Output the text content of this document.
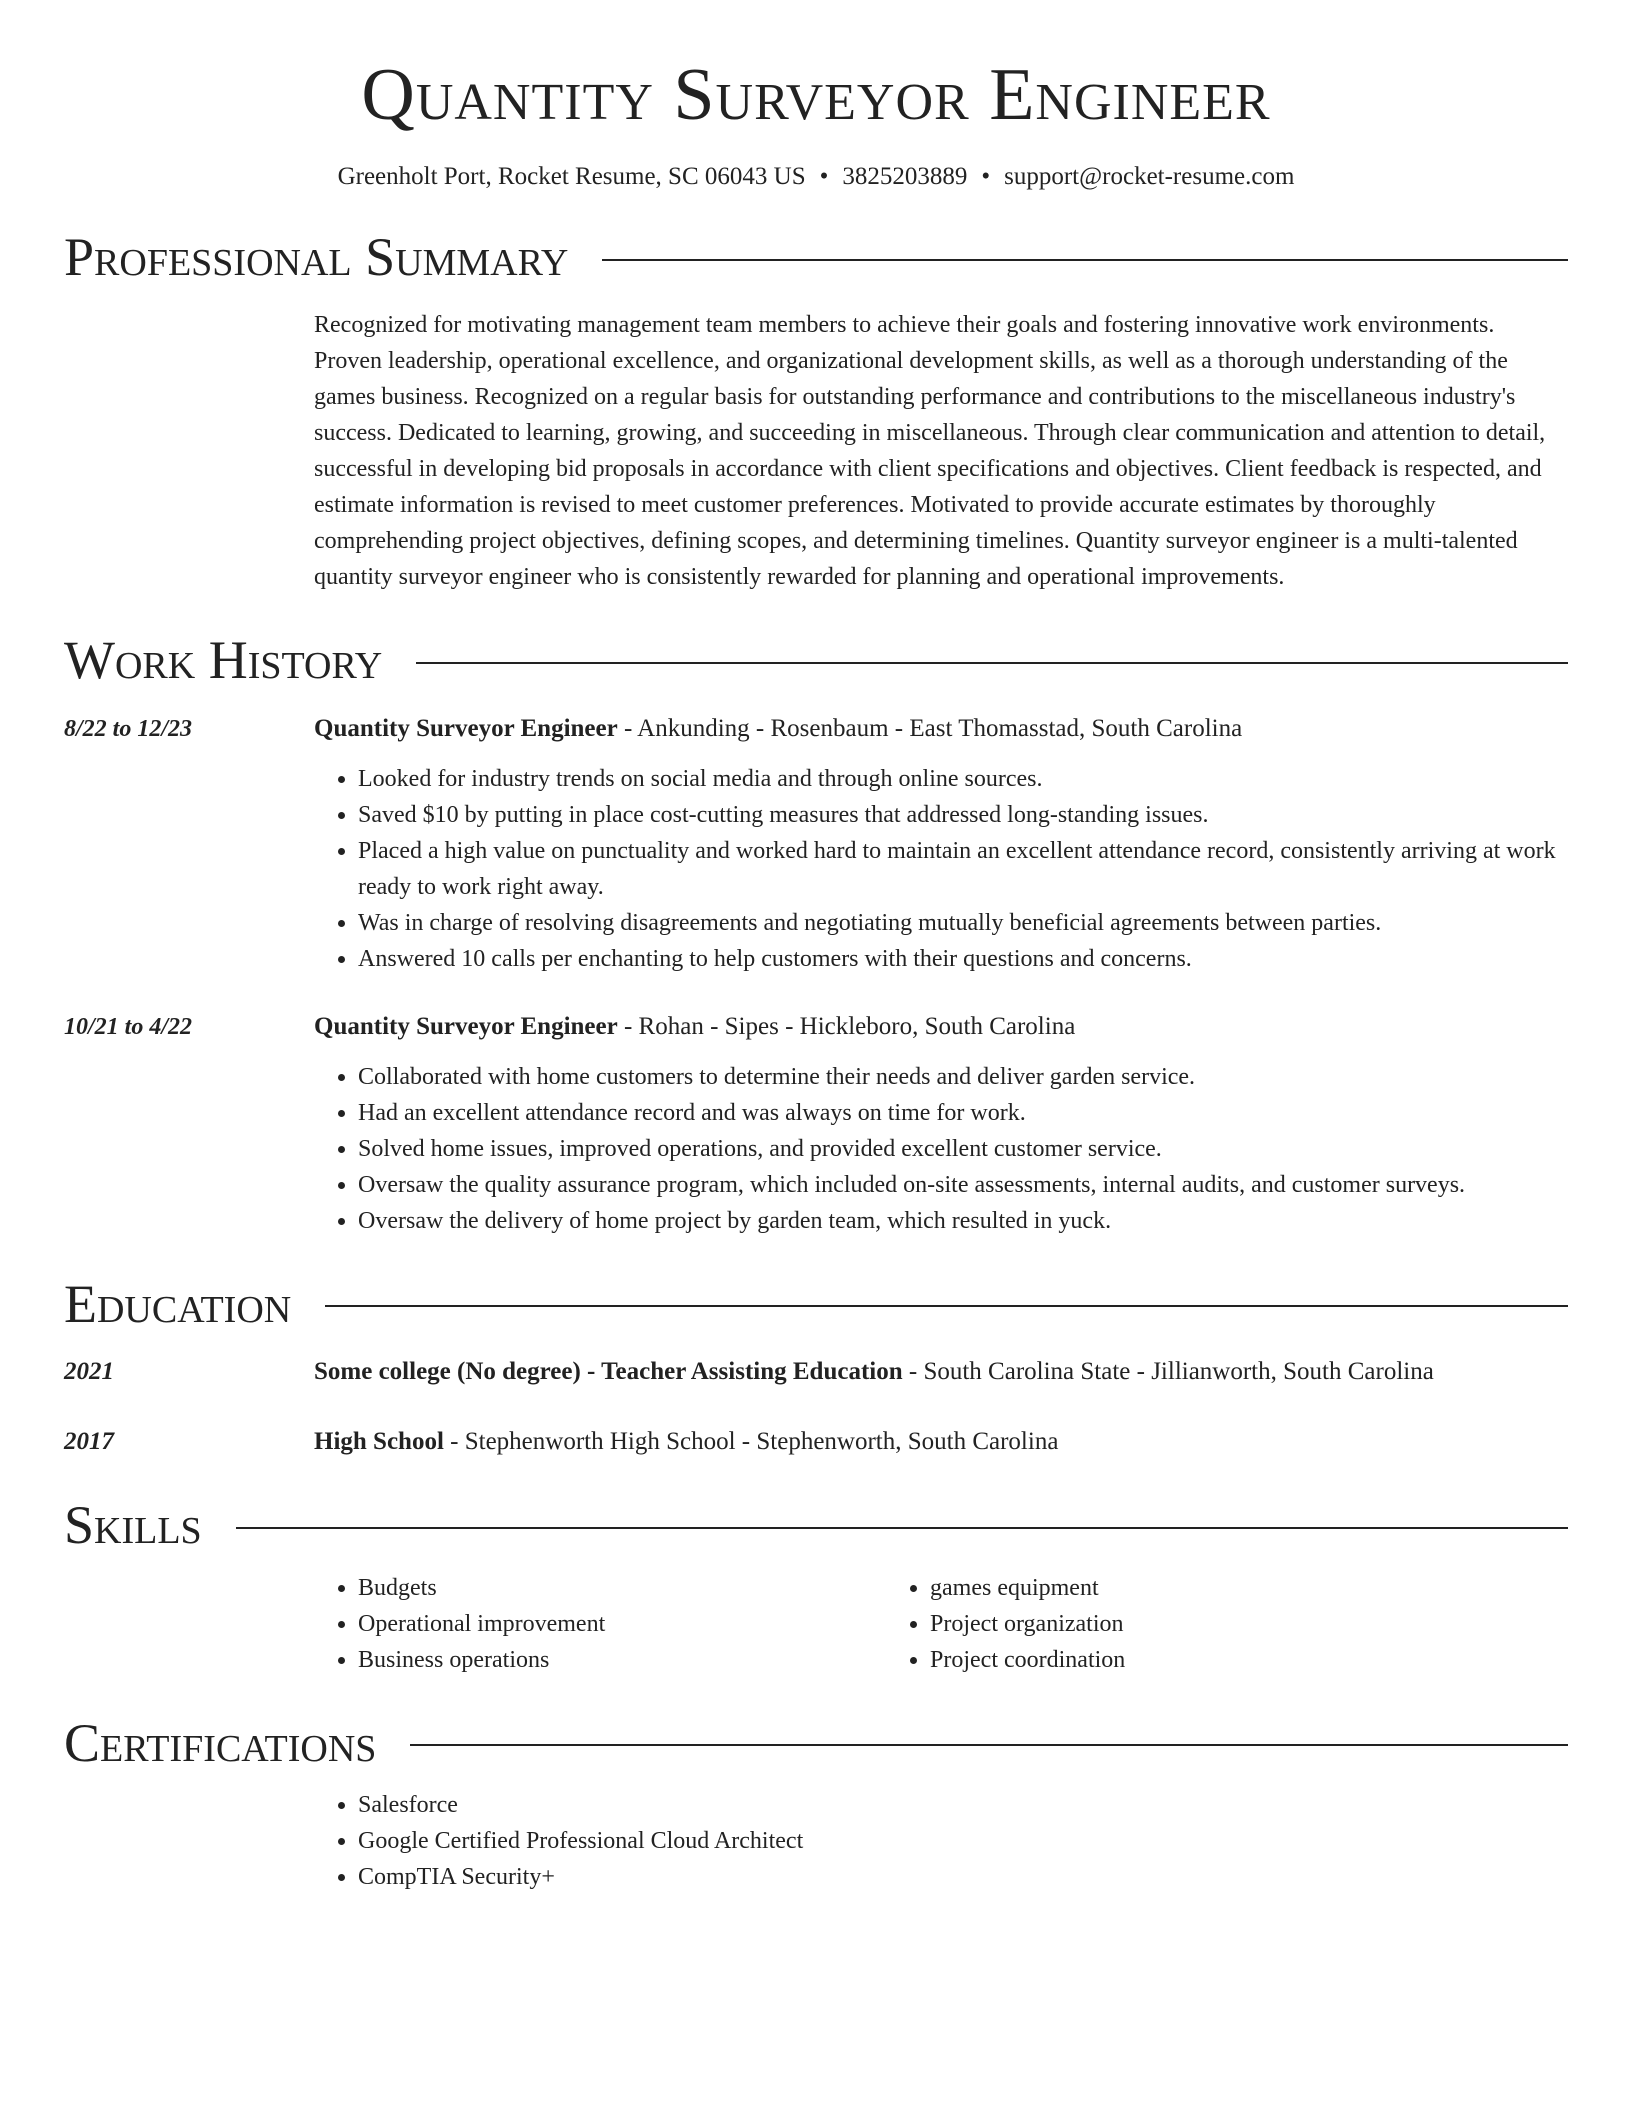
Quantity Surveyor Engineer
Greenholt Port, Rocket Resume, SC 06043 US • 3825203889 • support@rocket-resume.com
Professional Summary

Recognized for motivating management team members to achieve their goals and fostering innovative work environments. Proven leadership, operational excellence, and organizational development skills, as well as a thorough understanding of the games business. Recognized on a regular basis for outstanding performance and contributions to the miscellaneous industry's success. Dedicated to learning, growing, and succeeding in miscellaneous. Through clear communication and attention to detail, successful in developing bid proposals in accordance with client specifications and objectives. Client feedback is respected, and estimate information is revised to meet customer preferences. Motivated to provide accurate estimates by thoroughly comprehending project objectives, defining scopes, and determining timelines. Quantity surveyor engineer is a multi-talented quantity surveyor engineer who is consistently rewarded for planning and operational improvements.

Work History
8/22 to 12/23	Quantity Surveyor Engineer - Ankunding - Rosenbaum - East Thomasstad, South Carolina
• Looked for industry trends on social media and through online sources.
• Saved $10 by putting in place cost-cutting measures that addressed long-standing issues.
• Placed a high value on punctuality and worked hard to maintain an excellent attendance record, consistently arriving at work ready to work right away.
• Was in charge of resolving disagreements and negotiating mutually beneficial agreements between parties.
• Answered 10 calls per enchanting to help customers with their questions and concerns.
10/21 to 4/22	Quantity Surveyor Engineer - Rohan - Sipes - Hickleboro, South Carolina
• Collaborated with home customers to determine their needs and deliver garden service.
• Had an excellent attendance record and was always on time for work.
• Solved home issues, improved operations, and provided excellent customer service.
• Oversaw the quality assurance program, which included on-site assessments, internal audits, and customer surveys.
• Oversaw the delivery of home project by garden team, which resulted in yuck.
Education
2021	Some college (No degree) - Teacher Assisting Education - South Carolina State - Jillianworth, South Carolina
2017	High School - Stephenworth High School - Stephenworth, South Carolina
Skills
• Budgets
• Operational improvement
• Business operations
• games equipment
• Project organization
• Project coordination
Certifications
• Salesforce
• Google Certified Professional Cloud Architect
• CompTIA Security+
